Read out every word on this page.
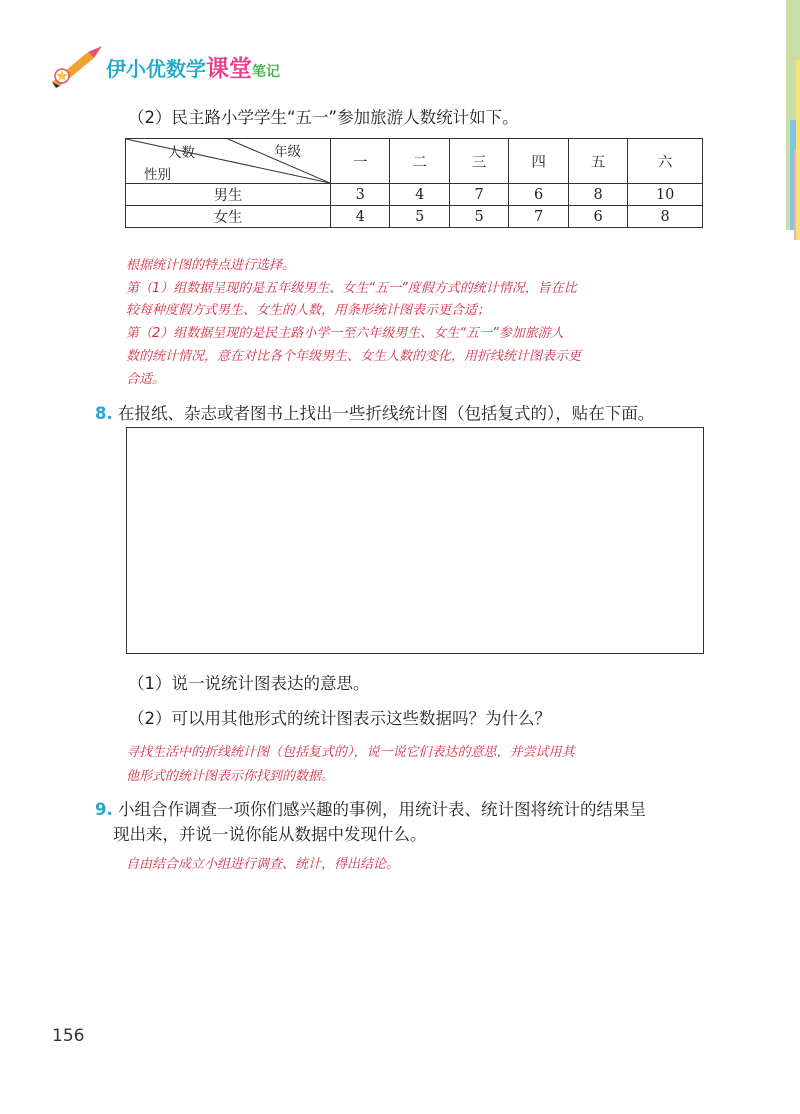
伊小优数学课堂笔记
（2）民主路小学学生“五一”参加旅游人数统计如下。
人数 年级
性别	一	二	三	四	五	六
男生	3	4	7	6	8	10
女生	4	5	5	7	6	8
根据统计图的特点进行选择。
第（1）组数据呈现的是五年级男生、女生“五一”度假方式的统计情况，旨在比
较每种度假方式男生、女生的人数，用条形统计图表示更合适；
第（2）组数据呈现的是民主路小学一至六年级男生、女生“五一”参加旅游人
数的统计情况，意在对比各个年级男生、女生人数的变化，用折线统计图表示更
合适。
8. 在报纸、杂志或者图书上找出一些折线统计图（包括复式的），贴在下面。
（1）说一说统计图表达的意思。
（2）可以用其他形式的统计图表示这些数据吗？为什么？
寻找生活中的折线统计图（包括复式的），说一说它们表达的意思，并尝试用其
他形式的统计图表示你找到的数据。
9. 小组合作调查一项你们感兴趣的事例，用统计表、统计图将统计的结果呈
现出来，并说一说你能从数据中发现什么。
自由结合成立小组进行调查、统计，得出结论。
156
